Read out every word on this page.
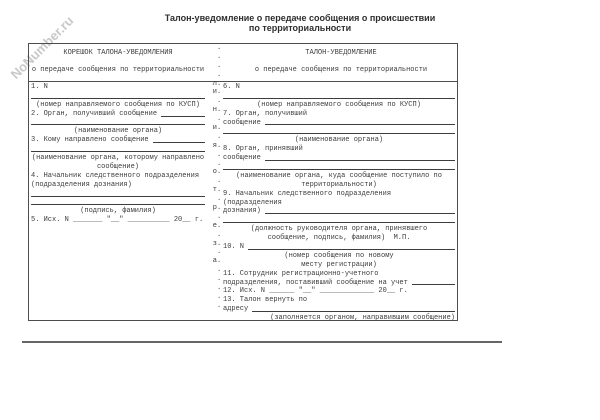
NoNumber.ru	Талон-уведомление о передаче сообщения о происшествии
по территориальности
КОРЕШОК ТАЛОНА-УВЕДОМЛЕНИЯ
о передаче сообщения по территориальности
ТАЛОН-УВЕДОМЛЕНИЕ
о передаче сообщения по территориальности
1. N
(номер направляемого сообщения по КУСП)
2. Орган, получивший сообщение
(наименование органа)
3. Кому направлено сообщение
(наименование органа, которому направлено
сообщение)
4. Начальник следственного подразделения
(подразделения дознания)
(подпись, фамилия)
5. Исх. N _______ "__" __________ 20__ г.
6. N
(номер направляемого сообщения по КУСП)
7. Орган, получивший
сообщение
(наименование органа)
8. Орган, принявший
сообщение
(наименование органа, куда сообщение поступило по
территориальности)
9. Начальник следственного подразделения
(подразделения
дознания)
(должность руководителя органа, принявшего
сообщение, подпись, фамилия)  М.П.
10. N
(номер сообщения по новому
месту регистрации)
11. Сотрудник регистрационно-учетного
подразделения, поставивший сообщение на учет
12. Исх. N ______ "__" _____________ 20__ г.
13. Талон вернуть по
адресу
(заполняется органом, направившим сообщение)
.
.
.
.
л.
и.
.
н.
.
и.
.
я.
.
.
о.
.
т.
.
р.
.
е.
.
з.
.
а.
.
.
.
.
.
